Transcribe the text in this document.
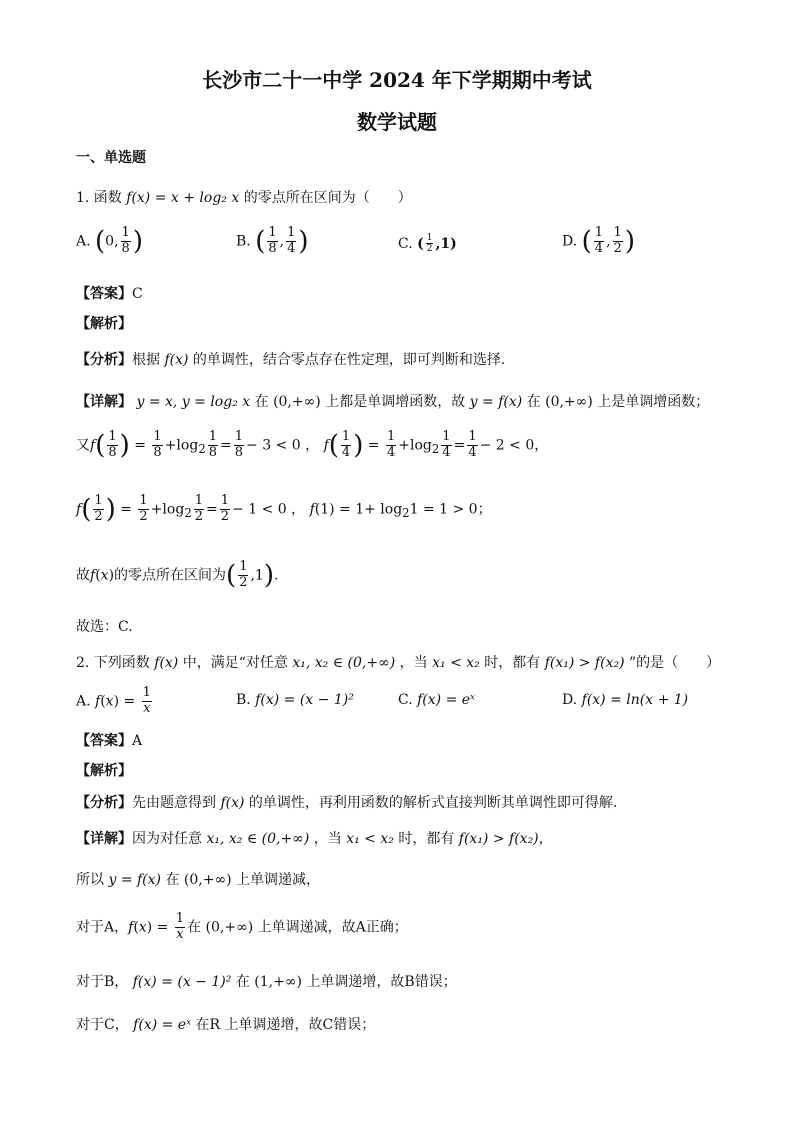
长沙市二十一中学 2024 年下学期期中考试
数学试题
一、单选题
1. 函数 f(x) = x + log₂ x 的零点所在区间为（　　）
A. (0, $\frac{1}{8}$ )	B. ( $\frac{1}{8}$ , $\frac{1}{4}$ )	C. ( $\frac{1}{2} ,1$)	D. ( $\frac{1}{4}$ , $\frac{1}{2}$ )
【答案】C
【解析】
【分析】根据 f(x) 的单调性，结合零点存在性定理，即可判断和选择.
【详解】 y = x, y = log₂ x 在 (0,+∞) 上都是单调增函数，故 y = f(x) 在 (0,+∞) 上是单调增函数；
又$f( \frac{1}{8}$ ) = $\frac{1}{8} +\log_2 \frac{1}{8} = \frac{1}{8} - 3 < 0$ ， $f( \frac{1}{4}$ ) = $\frac{1}{4} +\log_2 \frac{1}{4} = \frac{1}{4} - 2 < 0$，
$f( \frac{1}{2}$ ) = $\frac{1}{2} +\log_2 \frac{1}{2} = \frac{1}{2} - 1 < 0$ ， $f(1) = 1+ \log_21 = 1 > 0$；
故f(x)的零点所在区间为( $\frac{1}{2} ,1$).
故选：C.
2. 下列函数 f(x) 中，满足“对任意 x₁, x₂ ∈ (0,+∞) ，当 x₁ < x₂ 时，都有 f(x₁) > f(x₂) ”的是（　　）
A. $f(x) = \frac{1}{x}$	B. f(x) = (x − 1)²	C. f(x) = eˣ	D. f(x) = ln(x + 1)
【答案】A
【解析】
【分析】先由题意得到 f(x) 的单调性，再利用函数的解析式直接判断其单调性即可得解.
【详解】因为对任意 x₁, x₂ ∈ (0,+∞) ，当 x₁ < x₂ 时，都有 f(x₁) > f(x₂)，
所以 y = f(x) 在 (0,+∞) 上单调递减，
对于A，$f(x) = \frac{1}{x}$ 在 (0,+∞) 上单调递减，故A正确；
对于B， f(x) = (x − 1)² 在 (1,+∞) 上单调递增，故B错误；
对于C， f(x) = eˣ 在R 上单调递增，故C错误；
